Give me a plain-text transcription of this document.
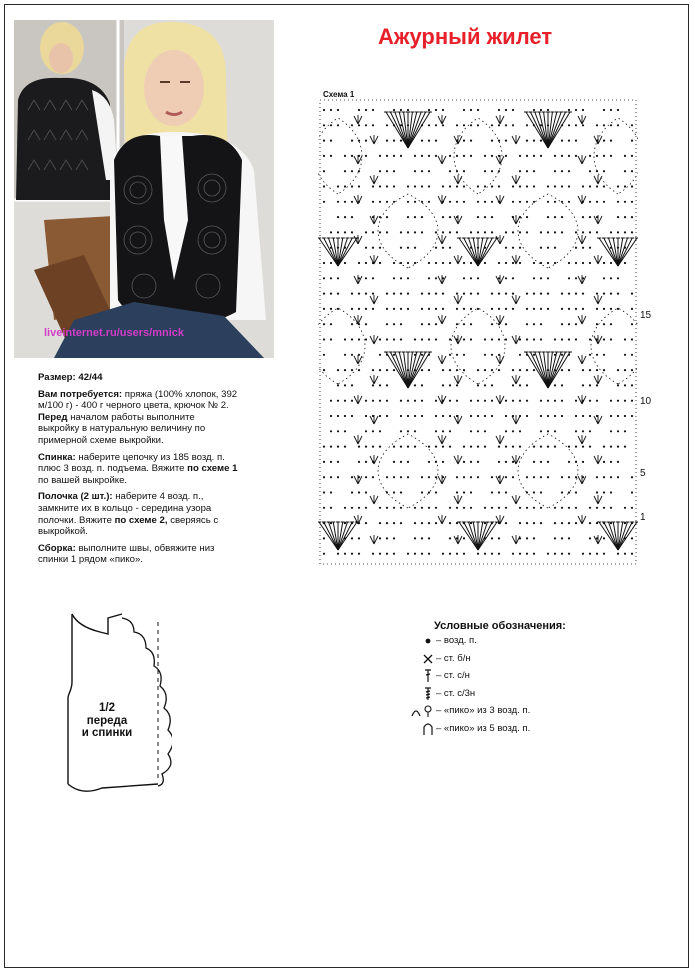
Ажурный жилет
liveinternet.ru/users/mnick

Размер: 42/44

Вам потребуется: пряжа (100% хлопок, 392 м/100 г) - 400 г черного цвета, крючок № 2.
Перед началом работы выполните выкройку в натуральную величину по примерной схеме выкройки.

Спинка: наберите цепочку из 185 возд. п. плюс 3 возд. п. подъема. Вяжите по схеме 1 по вашей выкройке.

Полочка (2 шт.): наберите 4 возд. п., замкните их в кольцо - середина узора полочки. Вяжите по схеме 2, сверяясь с выкройкой.

Сборка: выполните швы, обвяжите низ спинки 1 рядом «пико».

Схема 1
15
10
5
1
1/2
переда
и спинки
Условные обозначения:
– возд. п.
– ст. б/н
– ст. с/н
– ст. с/3н
– «пико» из 3 возд. п.
– «пико» из 5 возд. п.
